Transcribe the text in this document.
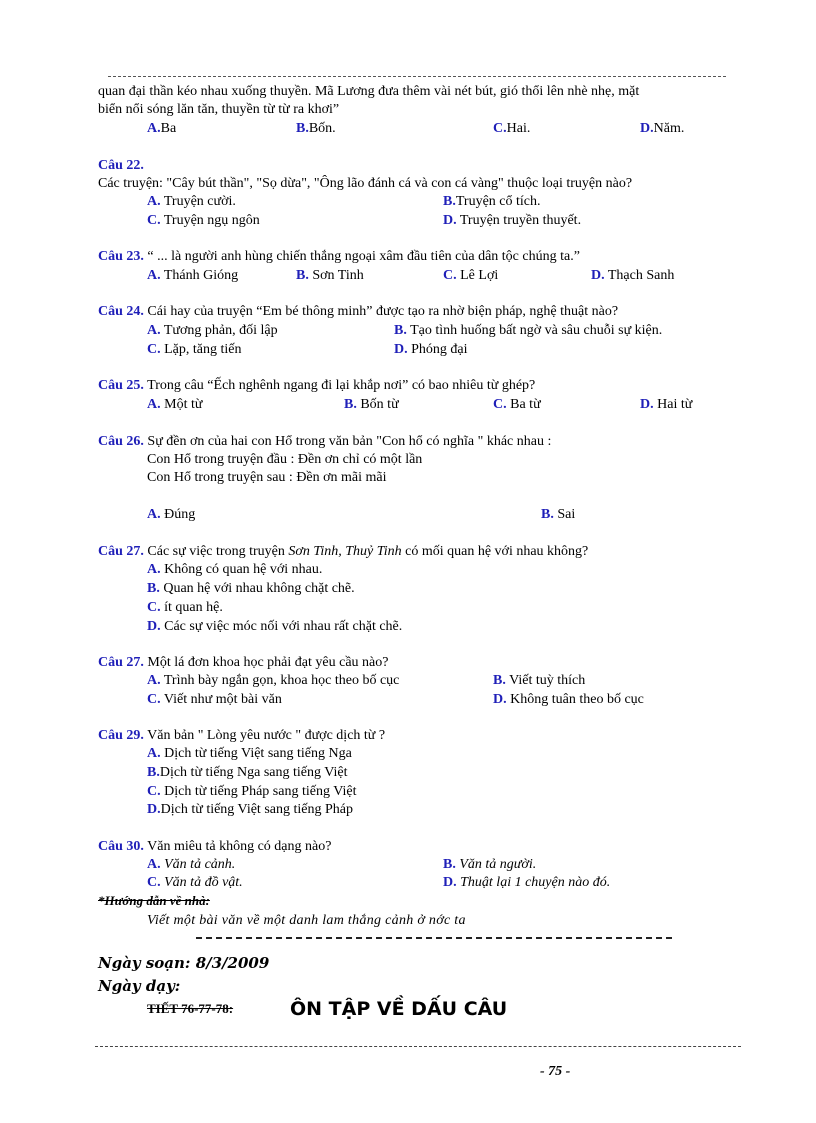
quan đại thần kéo nhau xuống thuyền. Mã Lương đưa thêm vài nét bút, gió thổi lên nhè nhẹ, mặt
biển nổi sóng lăn tăn, thuyền từ từ ra khơi”
A.Ba	B.Bốn.	C.Hai.	D.Năm.
Câu 22.
Các truyện: "Cây bút thần", "Sọ dừa", "Ông lão đánh cá và con cá vàng" thuộc loại truyện nào?
A. Truyện cười.	B.Truyện cổ tích.
C. Truyện ngụ ngôn	D. Truyện truyền thuyết.
Câu 23. “ ... là người anh hùng chiến thắng ngoại xâm đầu tiên của dân tộc chúng ta.”
A. Thánh Gióng	B. Sơn Tinh	C. Lê Lợi	D. Thạch Sanh
Câu 24. Cái hay của truyện “Em bé thông minh” được tạo ra nhờ biện pháp, nghệ thuật nào?
A. Tương phản, đối lập	B. Tạo tình huống bất ngờ và sâu chuỗi sự kiện.
C. Lặp, tăng tiến	D. Phóng đại
Câu 25. Trong câu “Ếch nghênh ngang đi lại khắp nơi” có bao nhiêu từ ghép?
A. Một từ	B. Bốn từ	C. Ba từ	D. Hai từ
Câu 26. Sự đền ơn của hai con Hổ trong văn bản "Con hổ có nghĩa " khác nhau :
Con Hổ trong truyện đầu : Đền ơn chỉ có một lần
Con Hổ trong truyện sau : Đền ơn mãi mãi
A. Đúng	B. Sai
Câu 27. Các sự việc trong truyện Sơn Tinh, Thuỷ Tinh có mối quan hệ với nhau không?
A. Không có quan hệ với nhau.
B. Quan hệ với nhau không chặt chẽ.
C. ít quan hệ.
D. Các sự việc móc nối với nhau rất chặt chẽ.
Câu 27. Một lá đơn khoa học phải đạt yêu cầu nào?
A. Trình bày ngắn gọn, khoa học theo bố cục	B. Viết tuỳ thích
C. Viết như một bài văn	D. Không tuân theo bố cục
Câu 29. Văn bản " Lòng yêu nước " được dịch từ ?
A. Dịch từ tiếng Việt sang tiếng Nga
B.Dịch từ tiếng Nga sang tiếng Việt
C. Dịch từ tiếng Pháp sang tiếng Việt
D.Dịch từ tiếng Việt sang tiếng Pháp
Câu 30. Văn miêu tả không có dạng nào?
A. Văn tả cảnh.	B. Văn tả người.
C. Văn tả đồ vật.	D. Thuật lại 1 chuyện nào đó.
*Hướng dẫn về nhà:
Viết một bài văn về một danh lam thắng cảnh ở nớc ta
Ngày soạn: 8/3/2009
Ngày dạy:
TIẾT 76-77-78:	ÔN TẬP VỀ DẤU CÂU
- 75 -
